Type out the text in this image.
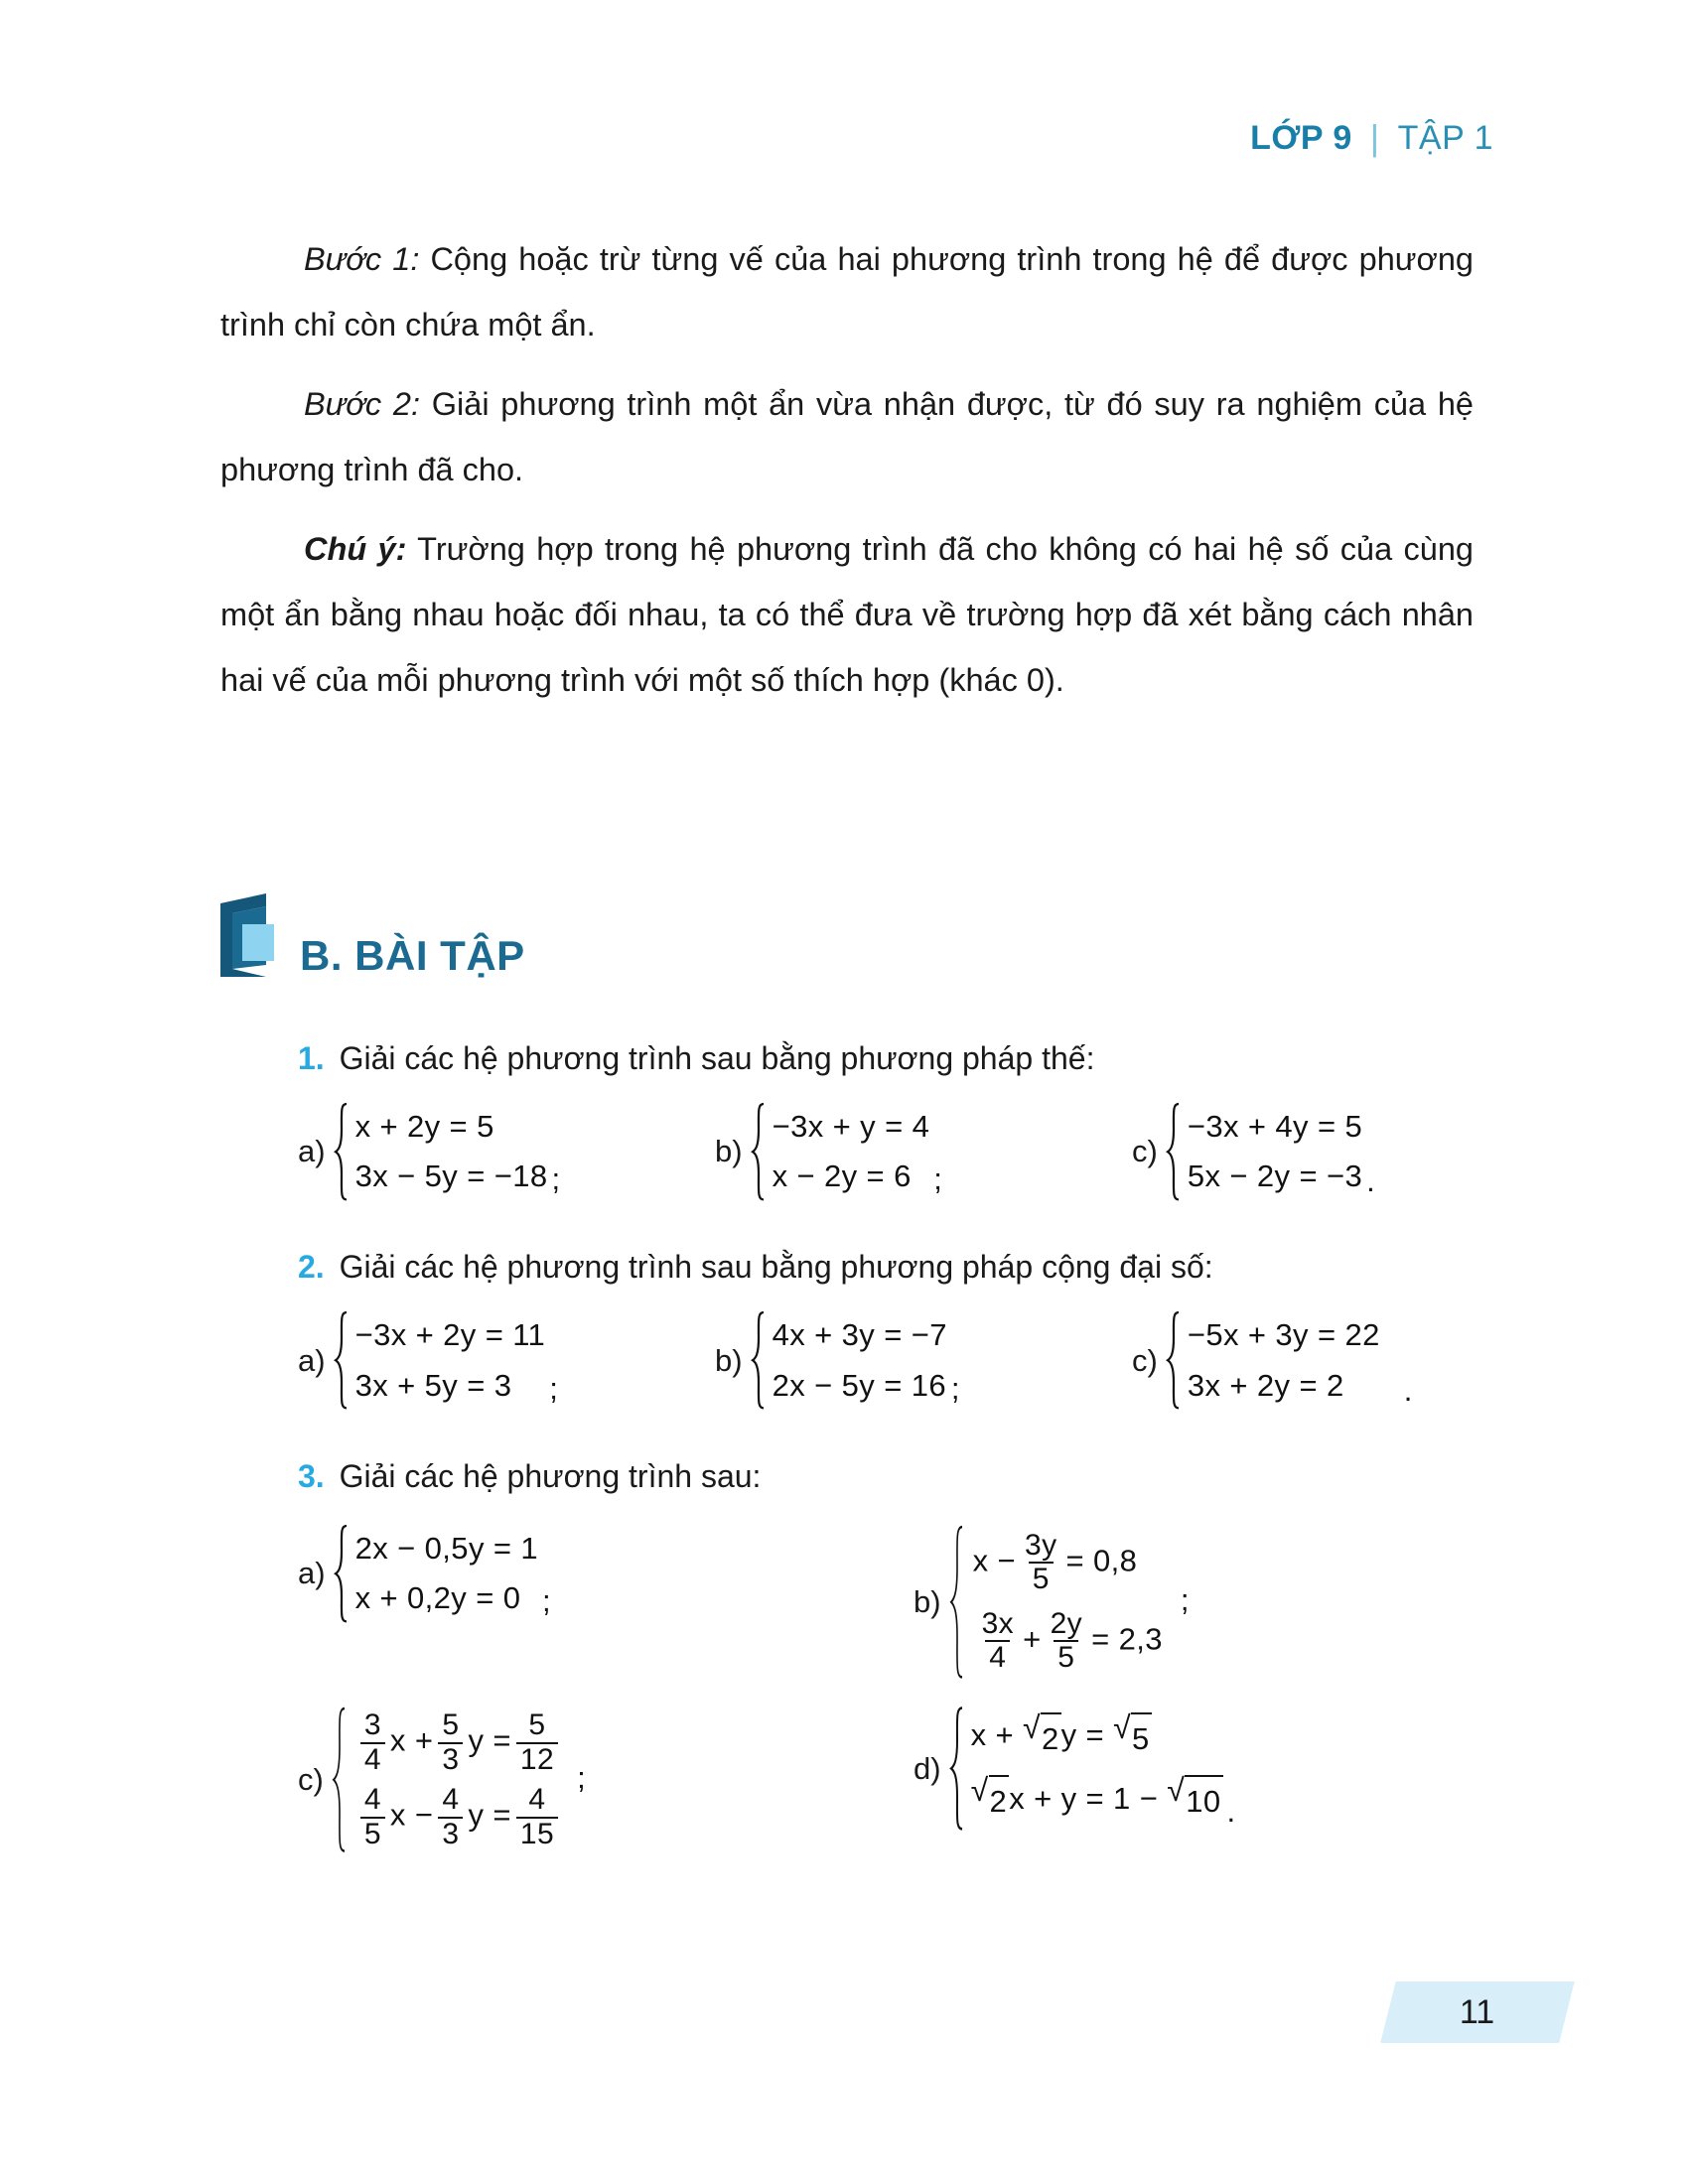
LỚP 9 | TẬP 1

Bước 1: Cộng hoặc trừ từng vế của hai phương trình trong hệ để được phương trình chỉ còn chứa một ẩn.

Bước 2: Giải phương trình một ẩn vừa nhận được, từ đó suy ra nghiệm của hệ phương trình đã cho.

Chú ý: Trường hợp trong hệ phương trình đã cho không có hai hệ số của cùng một ẩn bằng nhau hoặc đối nhau, ta có thể đưa về trường hợp đã xét bằng cách nhân hai vế của mỗi phương trình với một số thích hợp (khác 0).

B. BÀI TẬP

1. Giải các hệ phương trình sau bằng phương pháp thế:

a)
x + 2y = 5
3x − 5y = −18 ;
b)
−3x + y = 4
x − 2y = 6 ;
c)
−3x + 4y = 5
5x − 2y = −3 .

2. Giải các hệ phương trình sau bằng phương pháp cộng đại số:

a)
−3x + 2y = 11
3x + 5y = 3	;
b)
4x + 3y = −7
2x − 5y = 16 ;
c)
−5x + 3y = 22
3x + 2y = 2	.

3. Giải các hệ phương trình sau:

a)
2x − 0,5y = 1
x + 0,2y = 0 ;	b)
$x - \frac{3y}{5} = 0,8$
$\frac{3x}{4} + \frac{2y}{5} = 2,3$
;
c)
$\frac{3}{4}$ $x + \frac{5}{3}$ $y = \frac{5}{12}$
$\frac{4}{5}$ $x - \frac{4}{3}$ $y = \frac{4}{15}$
;	d)
x + √ 2 y = √ 5
√ 2 x + y = 1 − √ 10 .
11
